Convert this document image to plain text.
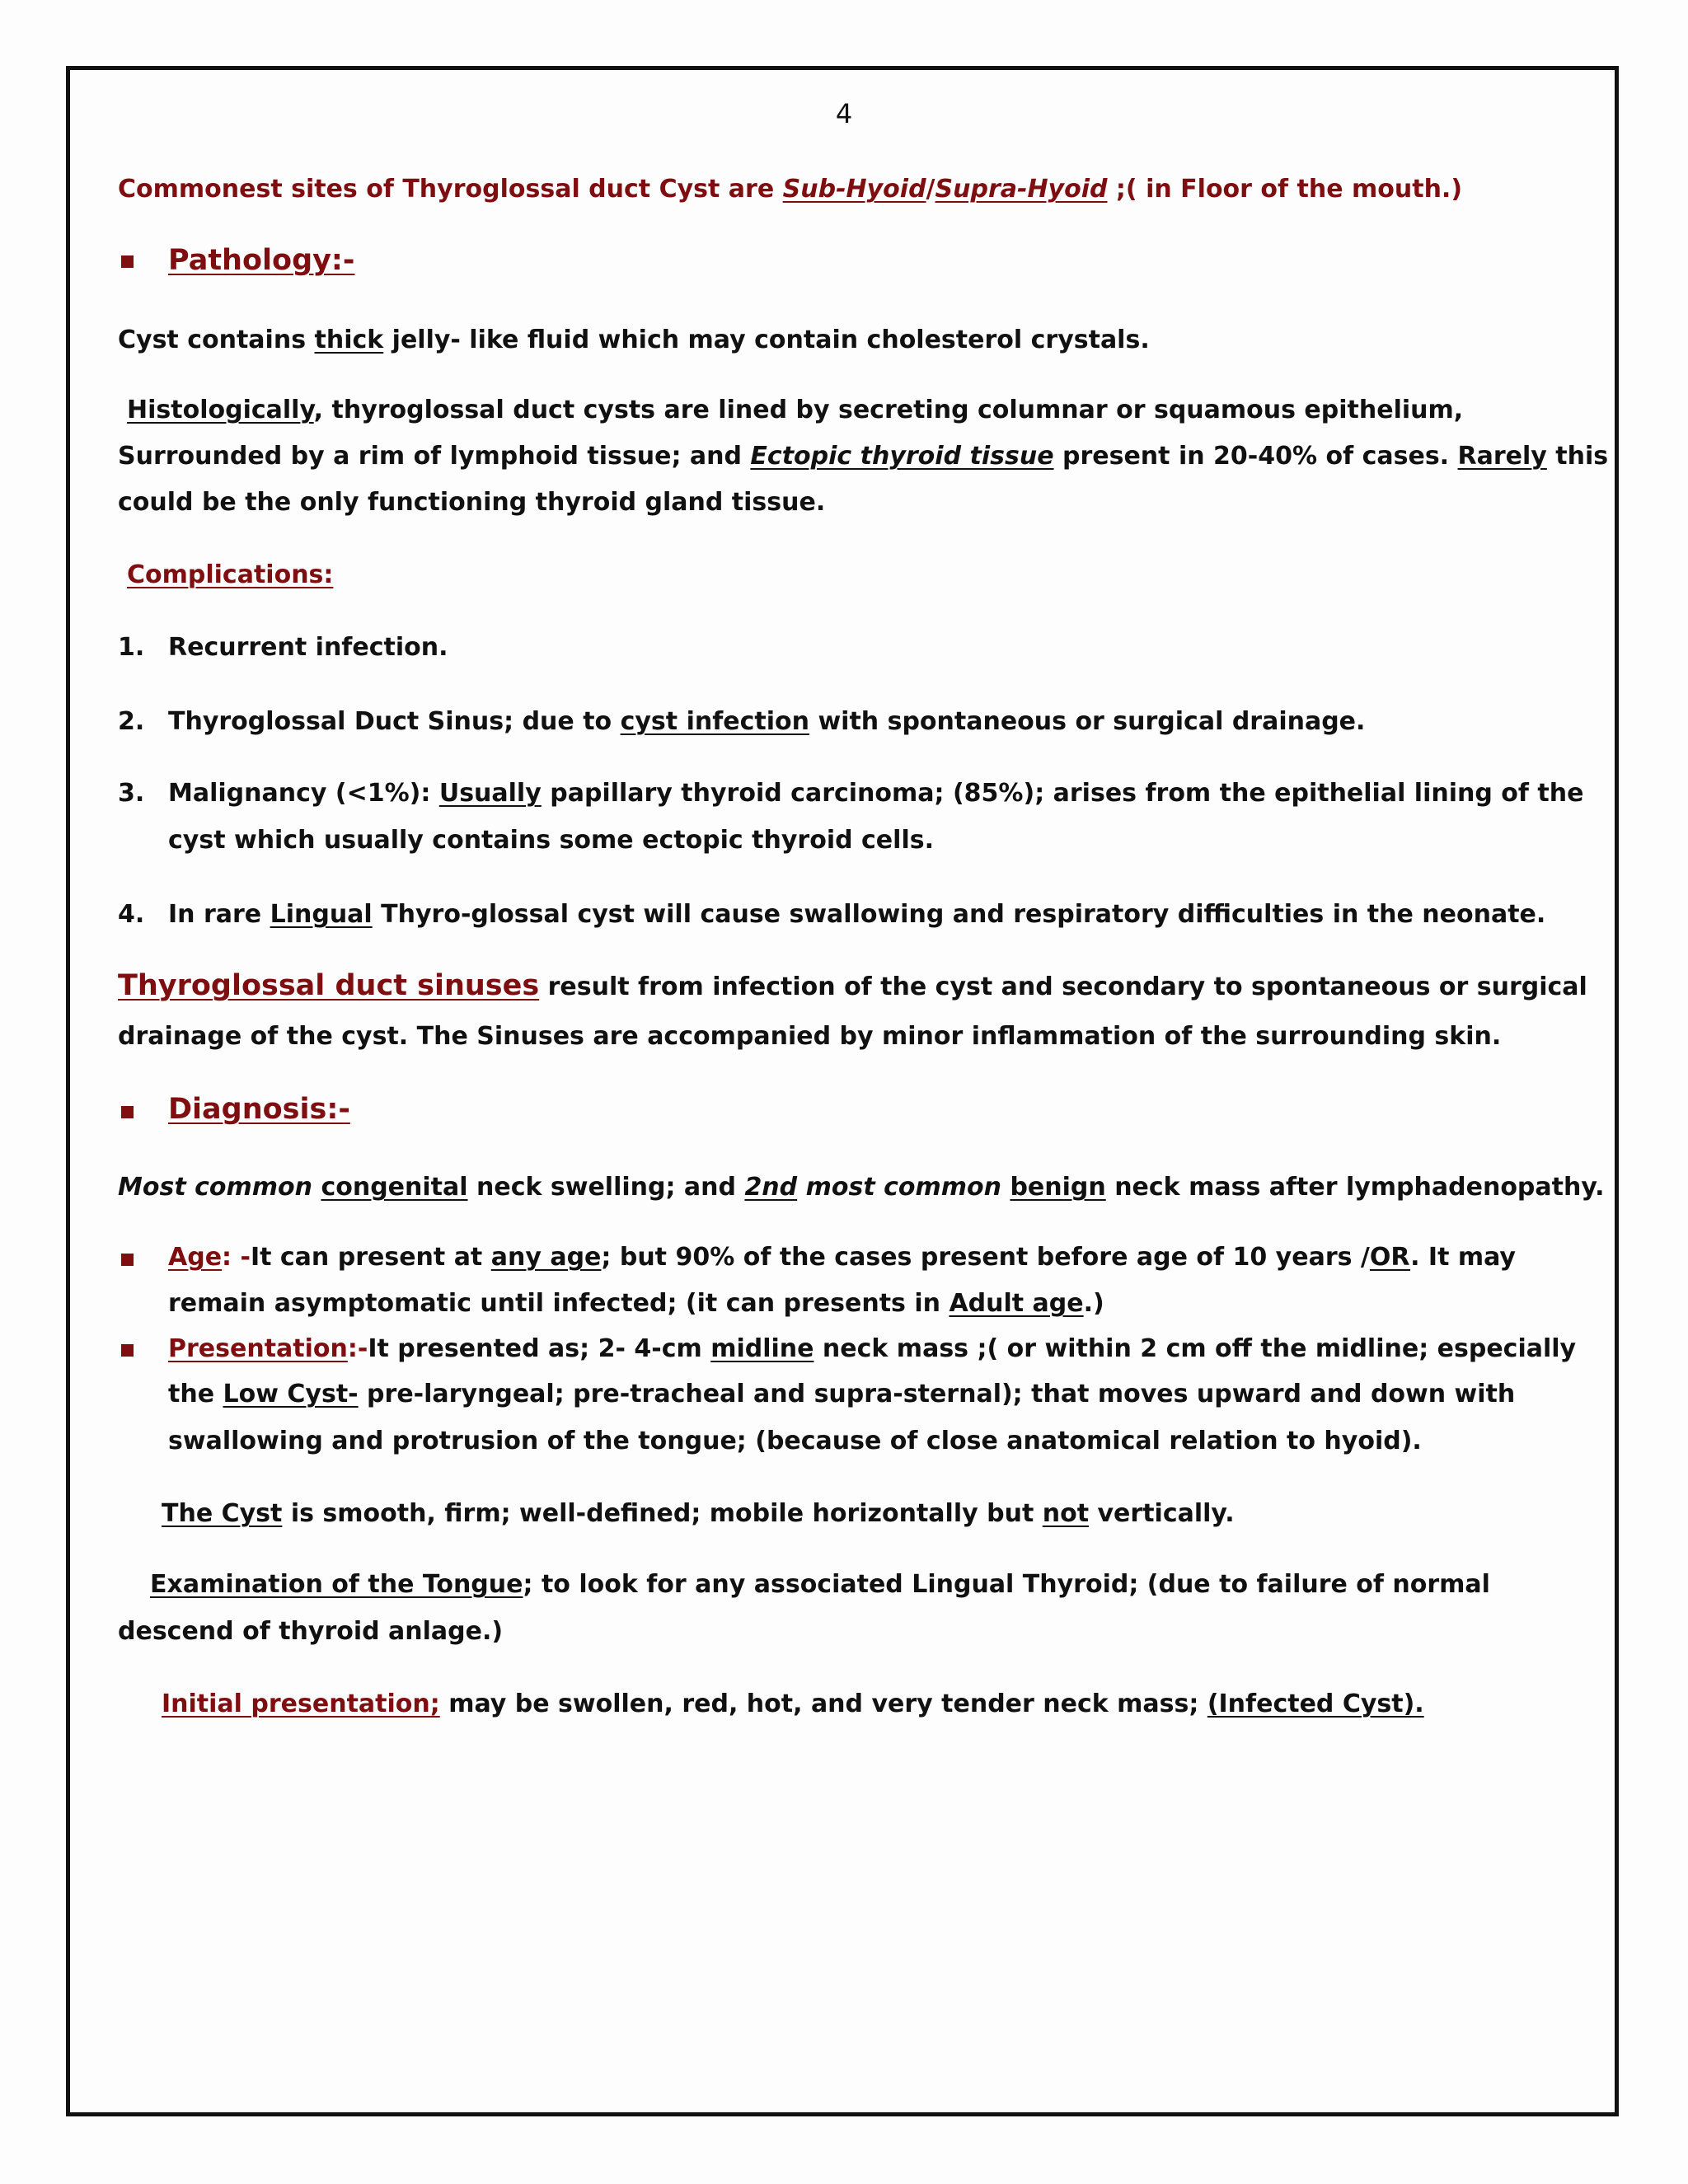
4
Commonest sites of Thyroglossal duct Cyst are Sub-Hyoid/Supra-Hyoid ;( in Floor of the mouth.)
Pathology:-
Cyst contains thick jelly- like fluid which may contain cholesterol crystals.
Histologically, thyroglossal duct cysts are lined by secreting columnar or squamous epithelium,
Surrounded by a rim of lymphoid tissue; and Ectopic thyroid tissue present in 20-40% of cases. Rarely this
could be the only functioning thyroid gland tissue.
Complications:
1. Recurrent infection.
2. Thyroglossal Duct Sinus; due to cyst infection with spontaneous or surgical drainage.
3. Malignancy (<1%): Usually papillary thyroid carcinoma; (85%); arises from the epithelial lining of the
cyst which usually contains some ectopic thyroid cells.
4. In rare Lingual Thyro-glossal cyst will cause swallowing and respiratory difficulties in the neonate.
Thyroglossal duct sinuses result from infection of the cyst and secondary to spontaneous or surgical
drainage of the cyst. The Sinuses are accompanied by minor inflammation of the surrounding skin.
Diagnosis:-
Most common congenital neck swelling; and 2nd most common benign neck mass after lymphadenopathy.
Age: -It can present at any age; but 90% of the cases present before age of 10 years /OR. It may
remain asymptomatic until infected; (it can presents in Adult age.)
Presentation:-It presented as; 2- 4-cm midline neck mass ;( or within 2 cm off the midline; especially
the Low Cyst- pre-laryngeal; pre-tracheal and supra-sternal); that moves upward and down with
swallowing and protrusion of the tongue; (because of close anatomical relation to hyoid).
The Cyst is smooth, firm; well-defined; mobile horizontally but not vertically.
Examination of the Tongue; to look for any associated Lingual Thyroid; (due to failure of normal
descend of thyroid anlage.)
Initial presentation; may be swollen, red, hot, and very tender neck mass; (Infected Cyst).
